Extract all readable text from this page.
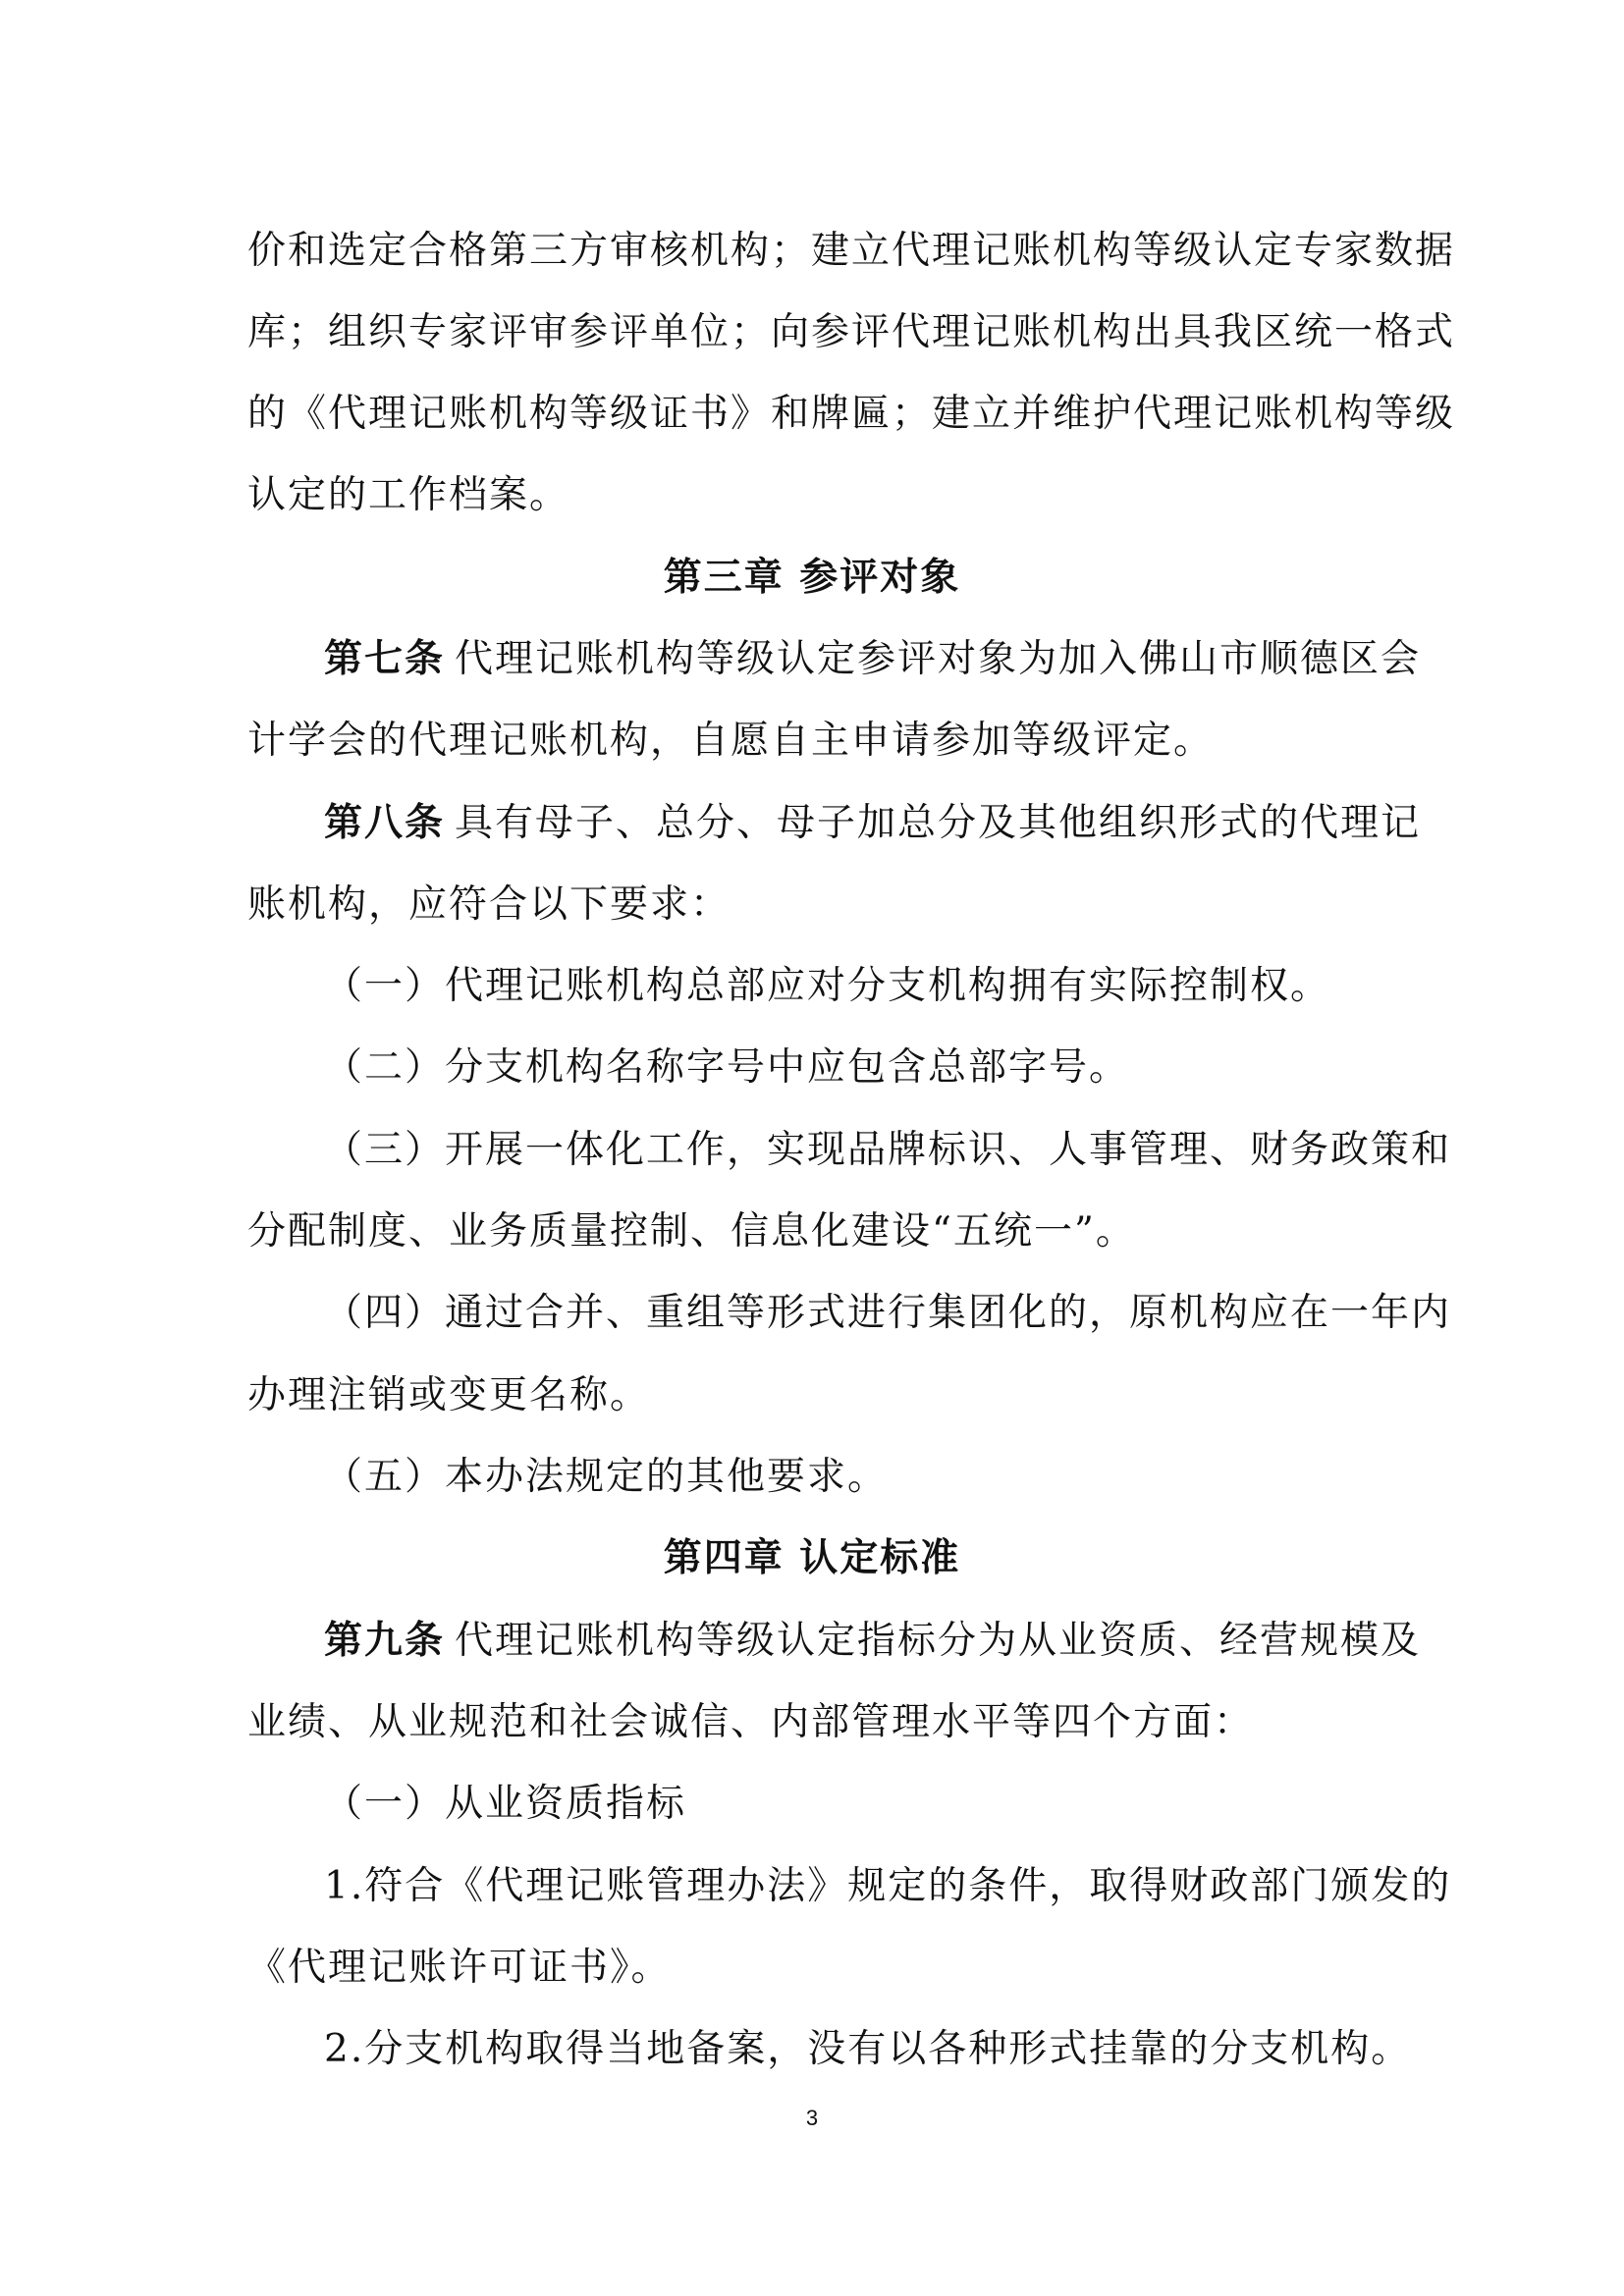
价和选定合格第三方审核机构；建立代理记账机构等级认定专家数据
库；组织专家评审参评单位；向参评代理记账机构出具我区统一格式
的《代理记账机构等级证书》和牌匾；建立并维护代理记账机构等级
认定的工作档案。
第三章 参评对象
第七条 代理记账机构等级认定参评对象为加入佛山市顺德区会
计学会的代理记账机构，自愿自主申请参加等级评定。
第八条 具有母子、总分、母子加总分及其他组织形式的代理记
账机构，应符合以下要求：
（一）代理记账机构总部应对分支机构拥有实际控制权。
（二）分支机构名称字号中应包含总部字号。
（三）开展一体化工作，实现品牌标识、人事管理、财务政策和
分配制度、业务质量控制、信息化建设“五统一”。
（四）通过合并、重组等形式进行集团化的，原机构应在一年内
办理注销或变更名称。
（五）本办法规定的其他要求。
第四章 认定标准
第九条 代理记账机构等级认定指标分为从业资质、经营规模及
业绩、从业规范和社会诚信、内部管理水平等四个方面：
（一）从业资质指标
1.符合《代理记账管理办法》规定的条件，取得财政部门颁发的
《代理记账许可证书》。
2.分支机构取得当地备案，没有以各种形式挂靠的分支机构。
3
